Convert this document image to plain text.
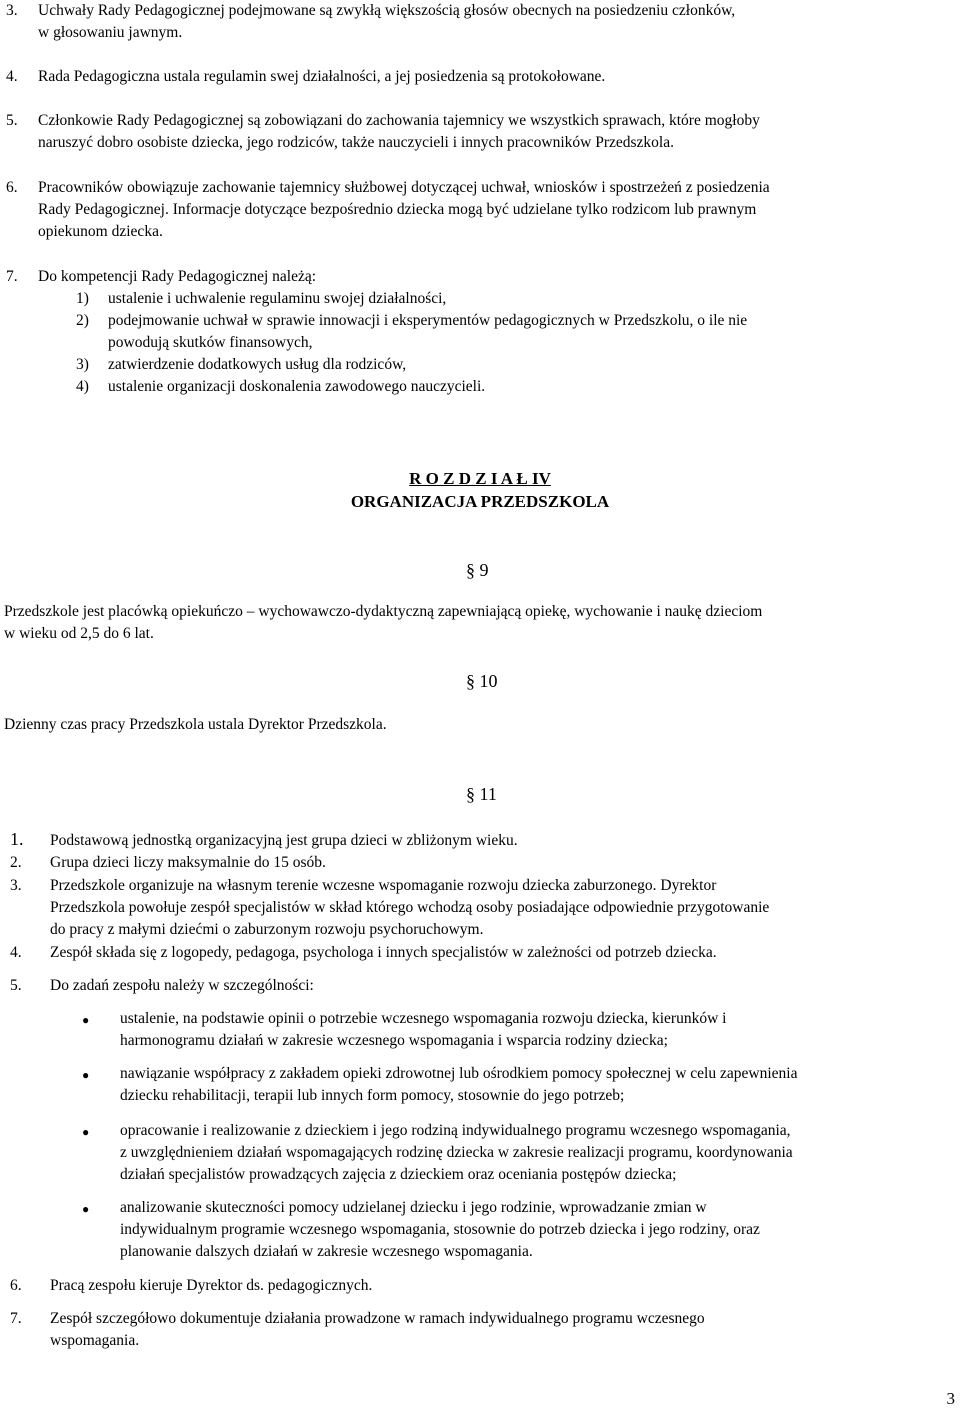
3. Uchwały Rady Pedagogicznej podejmowane są zwykłą większością głosów obecnych na posiedzeniu członków,
w głosowaniu jawnym.
4. Rada Pedagogiczna ustala regulamin swej działalności, a jej posiedzenia są protokołowane.
5. Członkowie Rady Pedagogicznej są zobowiązani do zachowania tajemnicy we wszystkich sprawach, które mogłoby
naruszyć dobro osobiste dziecka, jego rodziców, także nauczycieli i innych pracowników Przedszkola.
6. Pracowników obowiązuje zachowanie tajemnicy służbowej dotyczącej uchwał, wniosków i spostrzeżeń z posiedzenia
Rady Pedagogicznej. Informacje dotyczące bezpośrednio dziecka mogą być udzielane tylko rodzicom lub prawnym
opiekunom dziecka.
7. Do kompetencji Rady Pedagogicznej należą:
1) ustalenie i uchwalenie regulaminu swojej działalności,
2) podejmowanie uchwał w sprawie innowacji i eksperymentów pedagogicznych w Przedszkolu, o ile nie
powodują skutków finansowych,
3) zatwierdzenie dodatkowych usług dla rodziców,
4) ustalenie organizacji doskonalenia zawodowego nauczycieli.
R O Z D Z I A Ł IV
ORGANIZACJA PRZEDSZKOLA
§ 9
Przedszkole jest placówką opiekuńczo – wychowawczo-dydaktyczną zapewniającą opiekę, wychowanie i naukę dzieciom
w wieku od 2,5 do 6 lat.
§ 10
Dzienny czas pracy Przedszkola ustala Dyrektor Przedszkola.
§ 11
1. Podstawową jednostką organizacyjną jest grupa dzieci w zbliżonym wieku.
2. Grupa dzieci liczy maksymalnie do 15 osób.
3. Przedszkole organizuje na własnym terenie wczesne wspomaganie rozwoju dziecka zaburzonego. Dyrektor
Przedszkola powołuje zespół specjalistów w skład którego wchodzą osoby posiadające odpowiednie przygotowanie
do pracy z małymi dziećmi o zaburzonym rozwoju psychoruchowym.
4. Zespół składa się z logopedy, pedagoga, psychologa i innych specjalistów w zależności od potrzeb dziecka.
5. Do zadań zespołu należy w szczególności:
● ustalenie, na podstawie opinii o potrzebie wczesnego wspomagania rozwoju dziecka, kierunków i
harmonogramu działań w zakresie wczesnego wspomagania i wsparcia rodziny dziecka;
● nawiązanie współpracy z zakładem opieki zdrowotnej lub ośrodkiem pomocy społecznej w celu zapewnienia
dziecku rehabilitacji, terapii lub innych form pomocy, stosownie do jego potrzeb;
● opracowanie i realizowanie z dzieckiem i jego rodziną indywidualnego programu wczesnego wspomagania,
z uwzględnieniem działań wspomagających rodzinę dziecka w zakresie realizacji programu, koordynowania
działań specjalistów prowadzących zajęcia z dzieckiem oraz oceniania postępów dziecka;
● analizowanie skuteczności pomocy udzielanej dziecku i jego rodzinie, wprowadzanie zmian w
indywidualnym programie wczesnego wspomagania, stosownie do potrzeb dziecka i jego rodziny, oraz
planowanie dalszych działań w zakresie wczesnego wspomagania.
6. Pracą zespołu kieruje Dyrektor ds. pedagogicznych.
7. Zespół szczegółowo dokumentuje działania prowadzone w ramach indywidualnego programu wczesnego
wspomagania.
3
